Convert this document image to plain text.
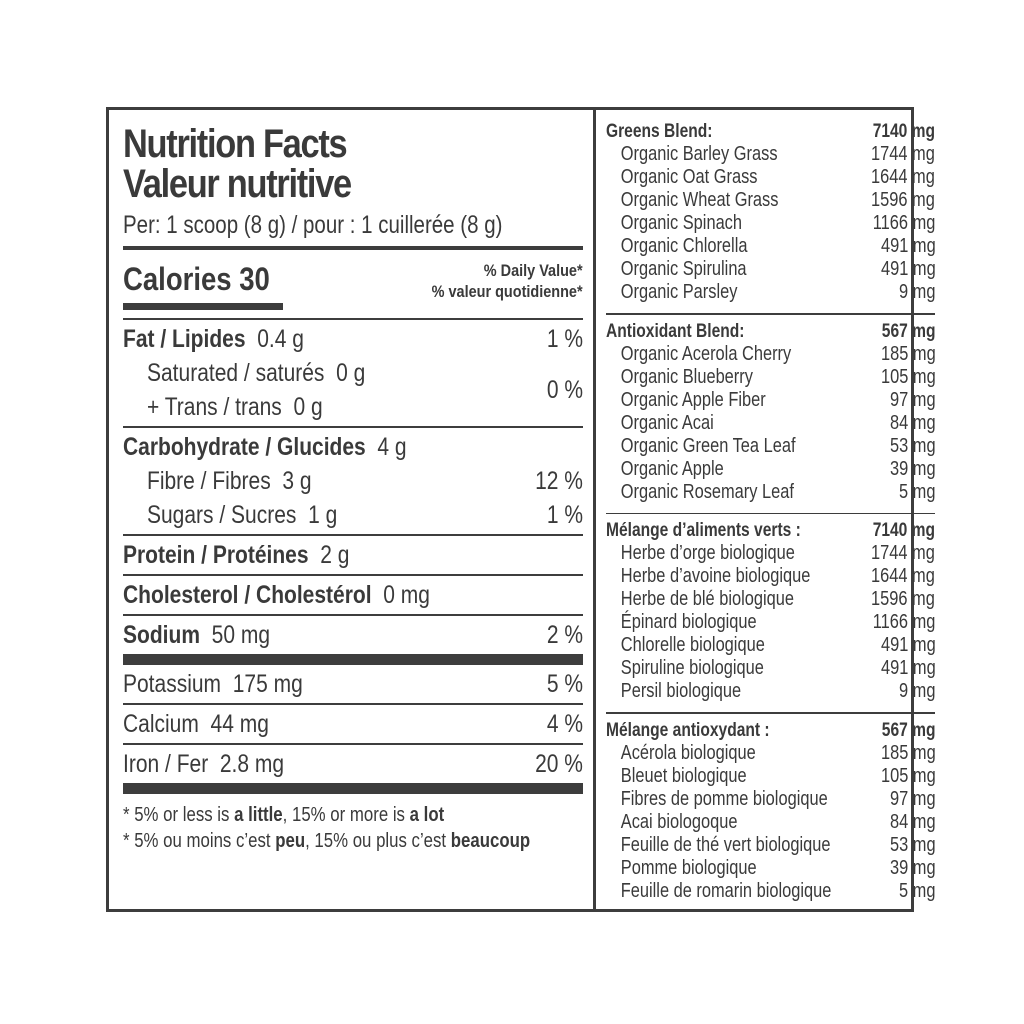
Nutrition Facts
Valeur nutritive
Per: 1 scoop (8 g) / pour : 1 cuillerée (8 g)
Calories 30	% Daily Value*
% valeur quotidienne*
Fat / Lipides 0.4 g	1 %
Saturated / saturés 0 g
+ Trans / trans 0 g
0 %
Carbohydrate / Glucides 4 g
Fibre / Fibres 3 g	12 %
Sugars / Sucres 1 g	1 %
Protein / Protéines 2 g
Cholesterol / Cholestérol 0 mg
Sodium 50 mg	2 %
Potassium 175 mg	5 %
Calcium 44 mg	4 %
Iron / Fer 2.8 mg	20 %
* 5% or less is a little, 15% or more is a lot
* 5% ou moins c’est peu, 15% ou plus c’est beaucoup
Greens Blend:	7140 mg
Organic Barley Grass	1744 mg
Organic Oat Grass	1644 mg
Organic Wheat Grass	1596 mg
Organic Spinach	1166 mg
Organic Chlorella	491 mg
Organic Spirulina	491 mg
Organic Parsley	9 mg
Antioxidant Blend:	567 mg
Organic Acerola Cherry	185 mg
Organic Blueberry	105 mg
Organic Apple Fiber	97 mg
Organic Acai	84 mg
Organic Green Tea Leaf	53 mg
Organic Apple	39 mg
Organic Rosemary Leaf	5 mg
Mélange d’aliments verts :	7140 mg
Herbe d’orge biologique	1744 mg
Herbe d’avoine biologique	1644 mg
Herbe de blé biologique	1596 mg
Épinard biologique	1166 mg
Chlorelle biologique	491 mg
Spiruline biologique	491 mg
Persil biologique	9 mg
Mélange antioxydant :	567 mg
Acérola biologique	185 mg
Bleuet biologique	105 mg
Fibres de pomme biologique	97 mg
Acai biologoque	84 mg
Feuille de thé vert biologique	53 mg
Pomme biologique	39 mg
Feuille de romarin biologique	5 mg
